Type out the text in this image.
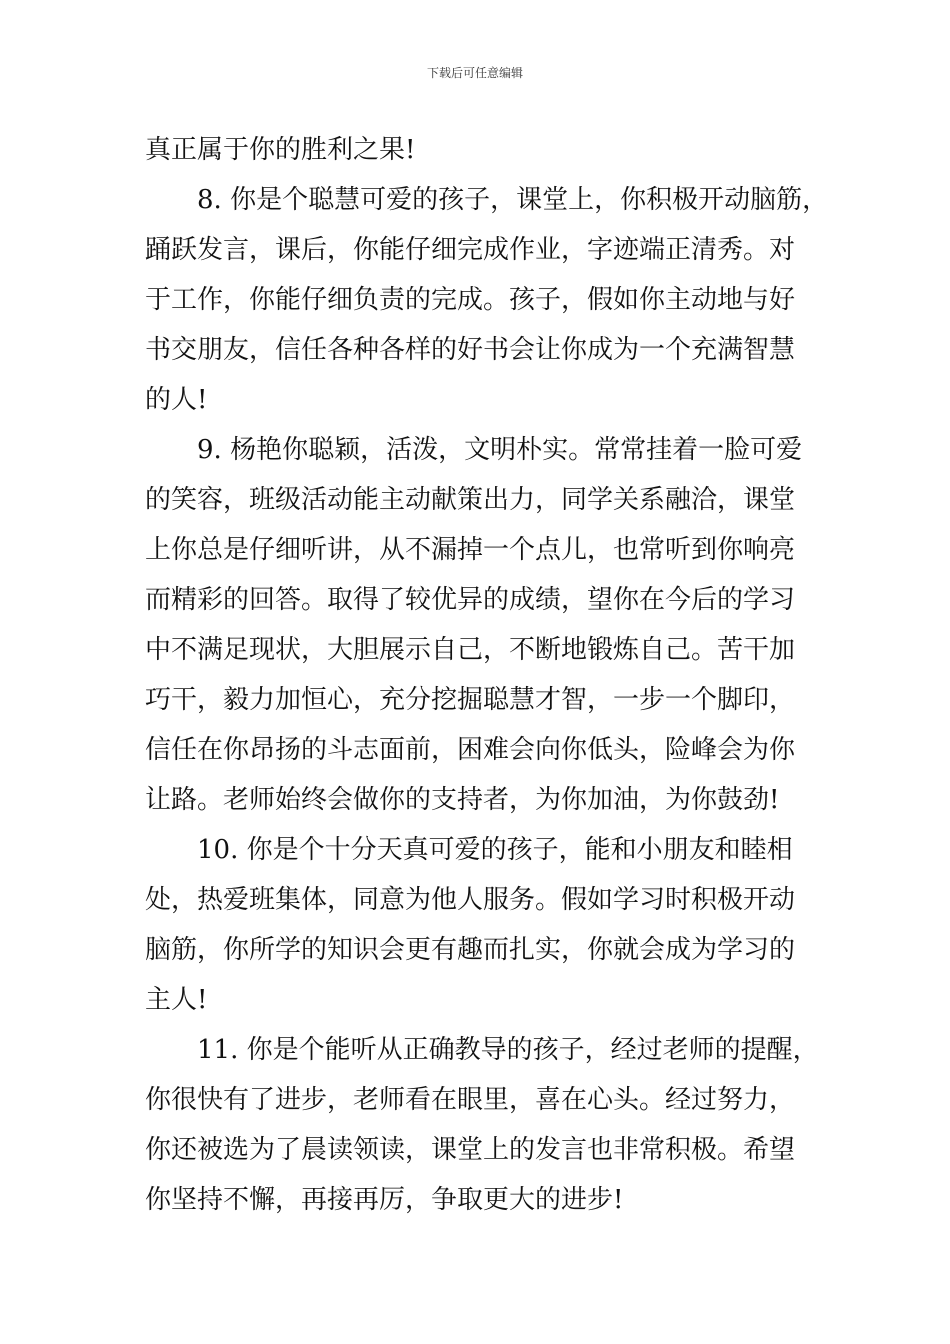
下载后可任意编辑
真正属于你的胜利之果!
8. 你是个聪慧可爱的孩子，课堂上，你积极开动脑筋，
踊跃发言，课后，你能仔细完成作业，字迹端正清秀。对
于工作，你能仔细负责的完成。孩子，假如你主动地与好
书交朋友，信任各种各样的好书会让你成为一个充满智慧
的人!
9. 杨艳你聪颖，活泼，文明朴实。常常挂着一脸可爱
的笑容，班级活动能主动献策出力，同学关系融洽，课堂
上你总是仔细听讲，从不漏掉一个点儿，也常听到你响亮
而精彩的回答。取得了较优异的成绩，望你在今后的学习
中不满足现状，大胆展示自己，不断地锻炼自己。苦干加
巧干，毅力加恒心，充分挖掘聪慧才智，一步一个脚印，
信任在你昂扬的斗志面前，困难会向你低头，险峰会为你
让路。老师始终会做你的支持者，为你加油，为你鼓劲!
10. 你是个十分天真可爱的孩子，能和小朋友和睦相
处，热爱班集体，同意为他人服务。假如学习时积极开动
脑筋，你所学的知识会更有趣而扎实，你就会成为学习的
主人!
11. 你是个能听从正确教导的孩子，经过老师的提醒，
你很快有了进步，老师看在眼里，喜在心头。经过努力，
你还被选为了晨读领读，课堂上的发言也非常积极。希望
你坚持不懈，再接再厉，争取更大的进步!
